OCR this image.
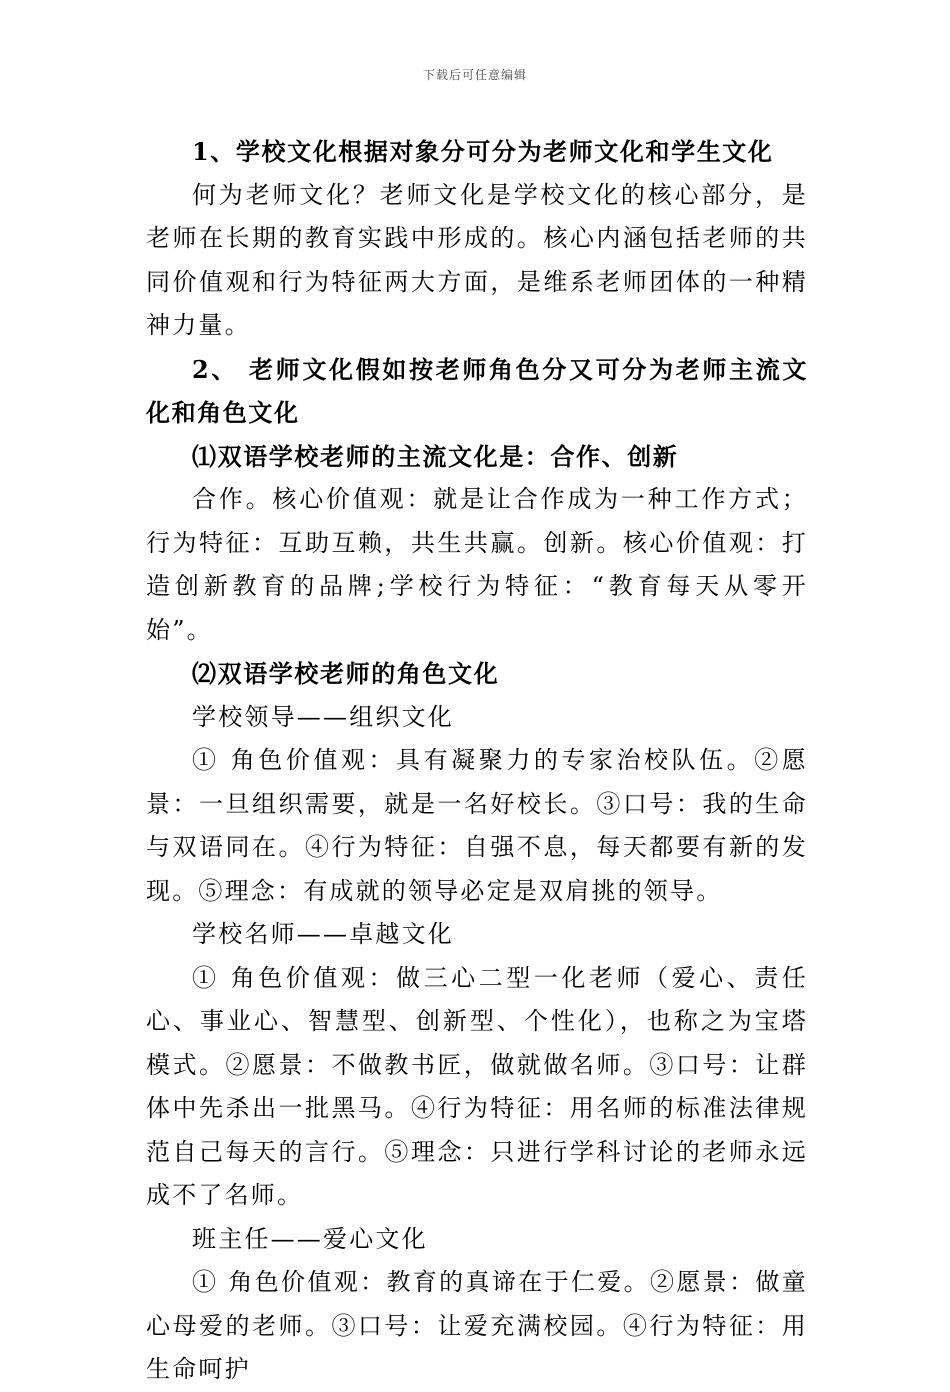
下载后可任意编辑

1、学校文化根据对象分可分为老师文化和学生文化

何为老师文化？老师文化是学校文化的核心部分，是老师在长期的教育实践中形成的。核心内涵包括老师的共同价值观和行为特征两大方面，是维系老师团体的一种精神力量。

2、 老师文化假如按老师角色分又可分为老师主流文化和角色文化

⑴双语学校老师的主流文化是：合作、创新

合作。核心价值观：就是让合作成为一种工作方式；行为特征：互助互赖，共生共赢。创新。核心价值观：打造创新教育的品牌;学校行为特征：“教育每天从零开始”。

⑵双语学校老师的角色文化

学校领导——组织文化

① 角色价值观：具有凝聚力的专家治校队伍。②愿景：一旦组织需要，就是一名好校长。③口号：我的生命与双语同在。④行为特征：自强不息，每天都要有新的发现。⑤理念：有成就的领导必定是双肩挑的领导。

学校名师——卓越文化

① 角色价值观：做三心二型一化老师（爱心、责任心、事业心、智慧型、创新型、个性化），也称之为宝塔模式。②愿景：不做教书匠，做就做名师。③口号：让群体中先杀出一批黑马。④行为特征：用名师的标准法律规范自己每天的言行。⑤理念：只进行学科讨论的老师永远成不了名师。

班主任——爱心文化

① 角色价值观：教育的真谛在于仁爱。②愿景：做童心母爱的老师。③口号：让爱充满校园。④行为特征：用生命呵护
